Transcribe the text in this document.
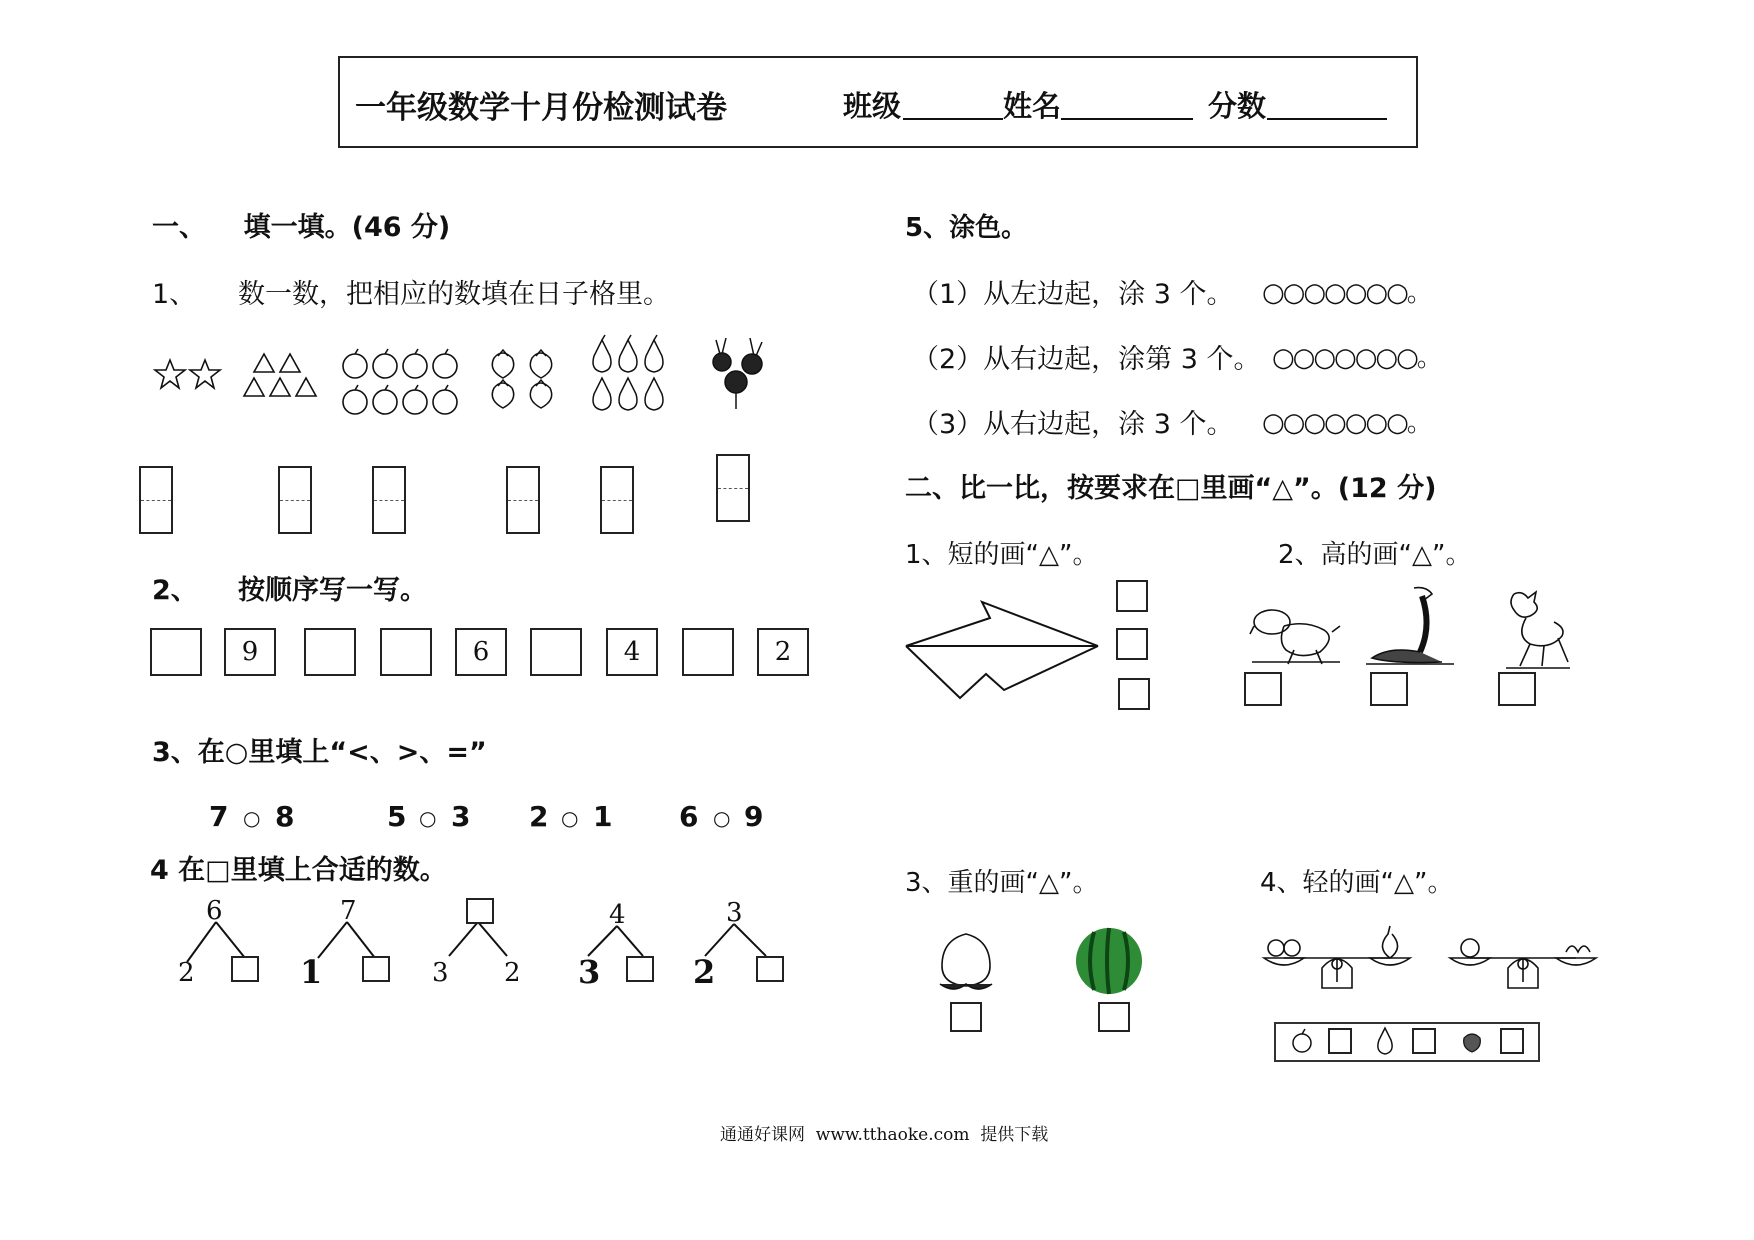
一年级数学十月份检测试卷	班级	姓名	分数
一、    填一填。(46 分)
1、 数一数，把相应的数填在日子格里。
2、 按顺序写一写。
9	6	4	2
3、在○里填上“<、>、=”
7 ○ 8	5 ○ 3 2 ○ 1 6 ○ 9
4 在□里填上合适的数。
6
2
7
1	3 2
4
3
3
2
5、涂色。
（1）从左边起，涂 3 个。 ○○○○○○○。
（2）从右边起，涂第 3 个。 ○○○○○○○。
（3）从右边起，涂 3 个。 ○○○○○○○。
二、比一比，按要求在□里画“△”。(12 分)
1、短的画“△”。	2、高的画“△”。
3、重的画“△”。	4、轻的画“△”。
通通好课网  www.tthaoke.com  提供下载
